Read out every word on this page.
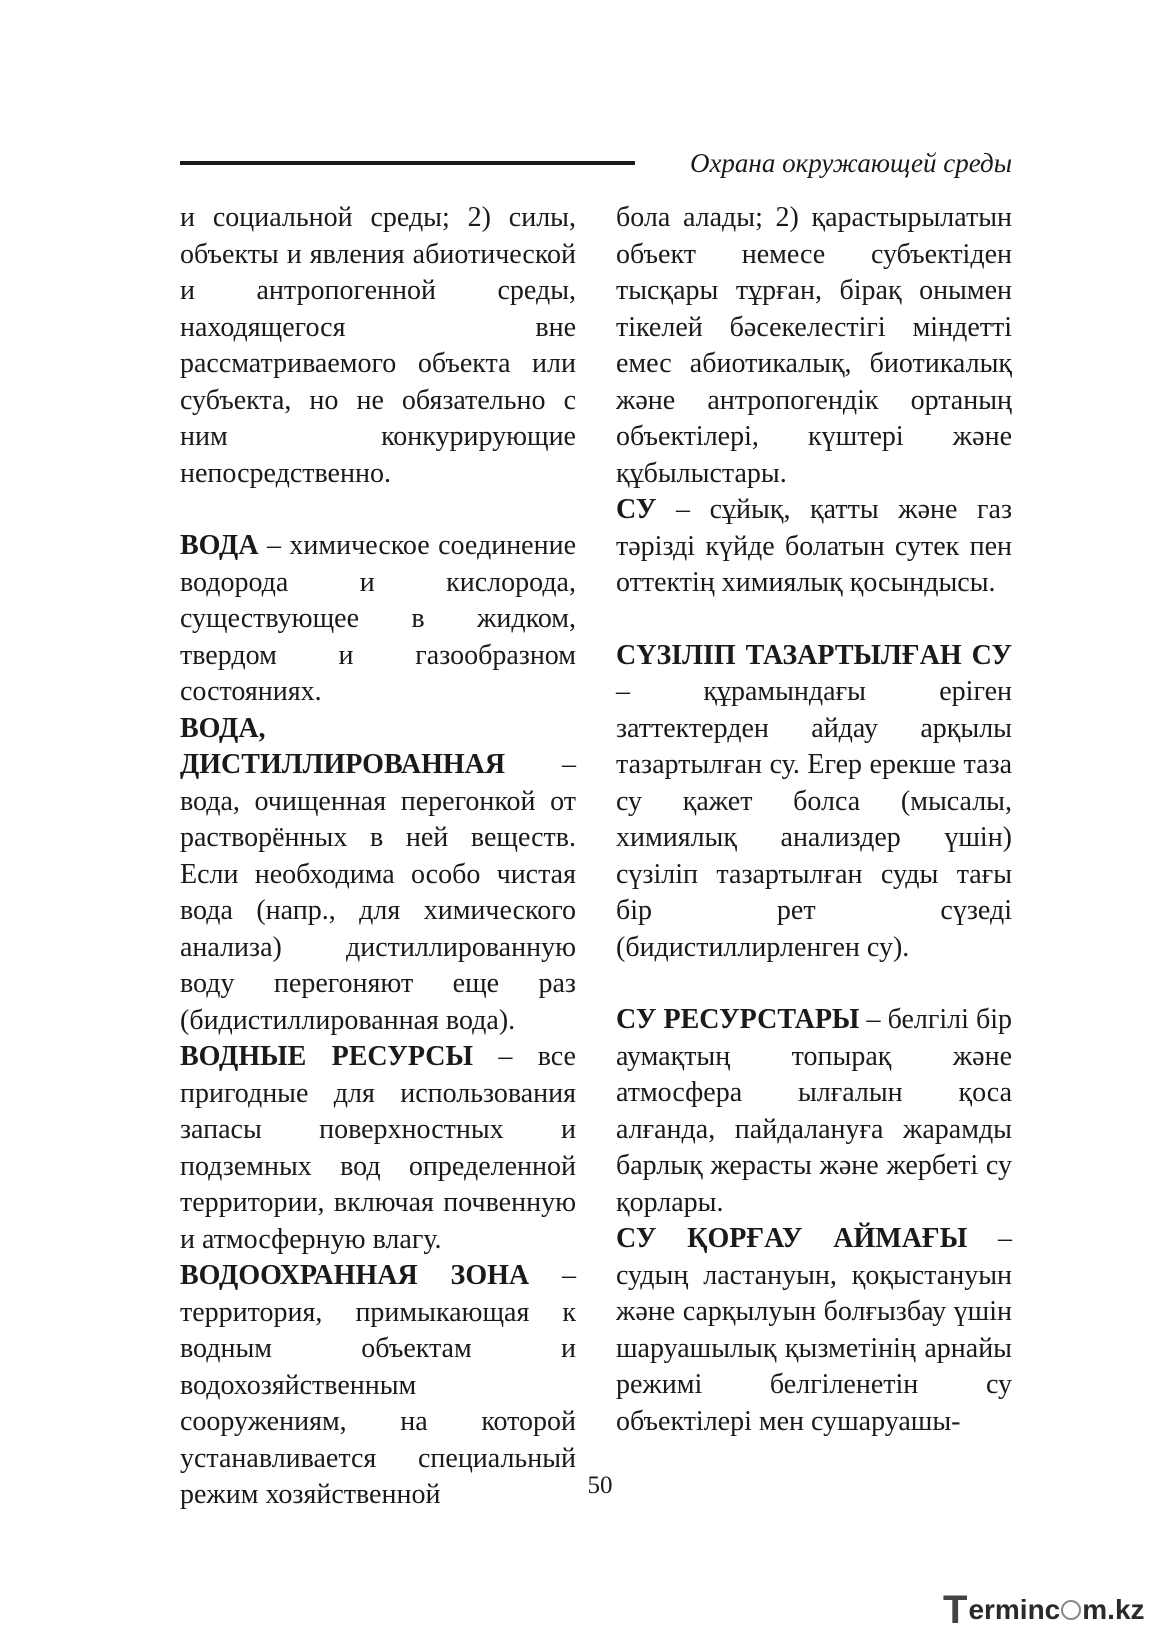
Охрана окружающей среды

и социальной среды; 2) силы, объекты и явления абиотической и антропогенной среды, находящегося вне рассматриваемого объекта или субъекта, но не обязательно с ним конкурирующие непосредственно.

ВОДА – химическое соединение водорода и кислорода, существующее в жидком, твердом и газообразном состояниях.

ВОДА, ДИСТИЛЛИРОВАННАЯ – вода, очищенная перегонкой от растворённых в ней веществ. Если необходима особо чистая вода (напр., для химического анализа) дистиллированную воду перегоняют еще раз (бидистиллированная вода).

ВОДНЫЕ РЕСУРСЫ – все пригодные для использования запасы поверхностных и подземных вод определенной территории, включая почвенную и атмосферную влагу.

ВОДООХРАННАЯ ЗОНА – территория, примыкающая к водным объектам и водохозяйственным сооружениям, на которой устанавливается специальный режим хозяйственной

бола алады; 2) қарастырылатын объект немесе субъектіден тысқары тұрған, бірақ онымен тікелей бәсекелестігі міндетті емес абиотикалық, биотикалық және антропогендік ортаның объектілері, күштері және құбылыстары.

СУ – сұйық, қатты және газ тәрізді күйде болатын сутек пен оттектің химиялық қосындысы.

СҮЗІЛІП ТАЗАРТЫЛҒАН СУ – құрамындағы еріген заттектерден айдау арқылы тазартылған су. Егер ерекше таза су қажет болса (мысалы, химиялық анализдер үшін) сүзіліп тазартылған суды тағы бір рет сүзеді (бидистиллирленген су).

СУ РЕСУРСТАРЫ – белгілі бір аумақтың топырақ және атмосфера ылғалын қоса алғанда, пайдалануға жарамды барлық жерасты және жербеті су қорлары.

СУ ҚОРҒАУ АЙМАҒЫ – судың ластануын, қоқыстануын және сарқылуын болғызбау үшін шаруашылық қызметінің арнайы режимі белгіленетін су объектілері мен сушаруашы-

50
T erminc m.kz
